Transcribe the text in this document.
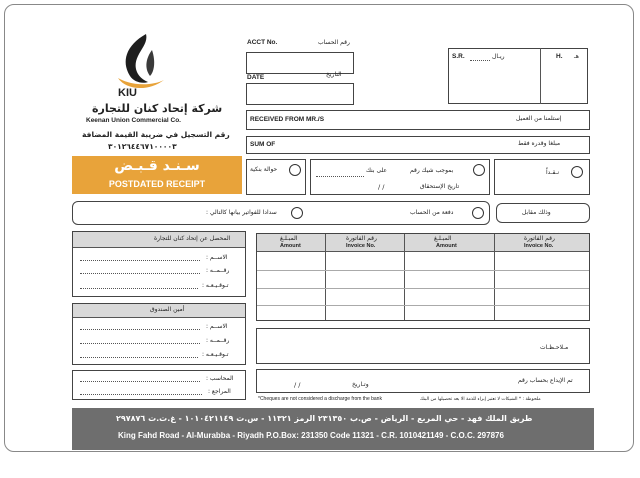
KIU
شركة إتحاد كنان للتجارة
Keenan Union Commercial Co.
رقم التسجيل في ضريبة القيمة المضافة
٣٠١٢٦٤٤٦٧١٠٠٠٠٣
سـنـد قـبـض
POSTDATED RECEIPT
ACCT No.	رقم الحساب
DATE	التاريخ
S.R.	ريـال	H. هـ
RECEIVED FROM MR./S	إستلمنا من العميل
SUM OF	مبلغا وقدره فقط
حوالة بنكية	بموجب شيك رقم
على بنك
تاريخ الإستحقاق
/ /
نـقـداً
سدادا للفواتير بيانها كالتالي :	دفعة من الحساب	وذلك مقابل
المحصل عن إتحاد كنان للتجارة
الاســم :
رقــمــه :
تـوقـيـعـه :
أمين الصندوق
الاســم :
رقــمــه :
تـوقـيـعـه :
المحاسب :
المراجع :
المبـلـغ
Amount
رقم الفاتورة
Invoice No.
المبـلـغ
Amount
رقم الفاتورة
Invoice No.
مـلاحـظـات
تم الإيداع بحساب رقم
وتـاريخ
/ /
*Cheques are not considered a discharge from the bank	ملحوظة : * الشيكات لا تعتبر إبراء للذمة الا بعد تحصيلها من البنك
طريق الملك فهد - حي المربع - الرياض - ص.ب ٢٣١٣٥٠ الرمز ١١٣٢١ - س.ت ١٠١٠٤٢١١٤٩ - غ.ت.ت ٢٩٧٨٧٦
King Fahd Road - Al-Murabba - Riyadh P.O.Box: 231350 Code 11321 - C.R. 1010421149 - C.O.C. 297876
